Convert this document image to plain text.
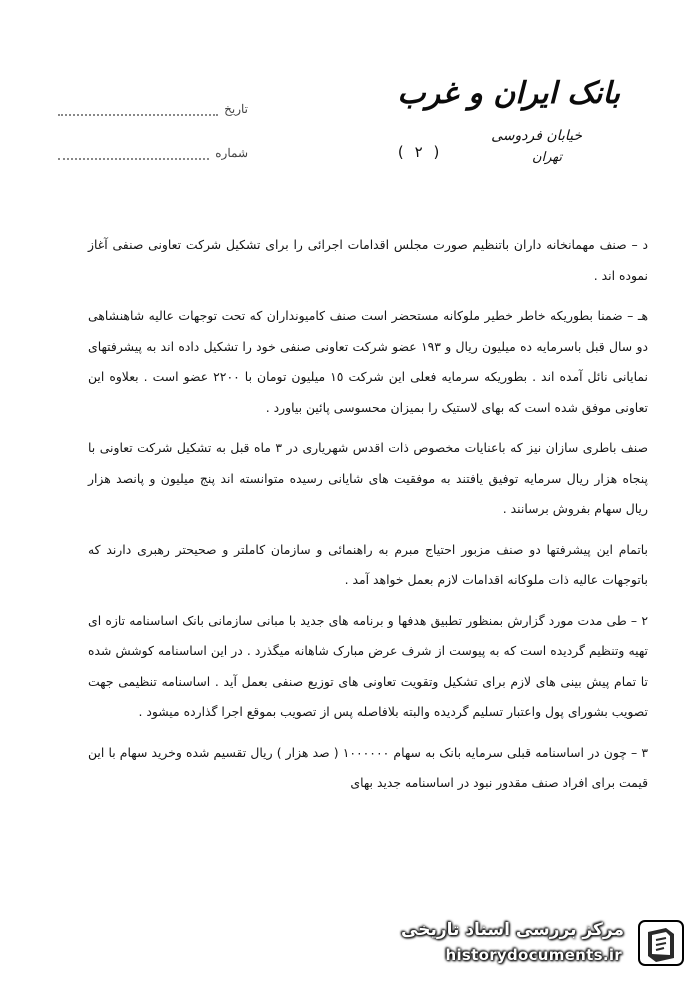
بانک ایران و غرب
خیابان فردوسی
تهران
تاریخ
شماره	( ٢ )

د – صنف مهمانخانه داران باتنظیم صورت مجلس اقدامات اجرائی را برای تشکیل شرکت تعاونی صنفی آغاز نموده اند .

هـ – ضمنا بطوریکه خاطر خطیر ملوکانه مستحضر است صنف کامیونداران که تحت توجهات عالیه شاهنشاهی دو سال قبل باسرمایه ده میلیون ریال و ١٩٣ عضو شرکت تعاونی صنفی خود را تشکیل داده اند به پیشرفتهای نمایانی نائل آمده اند . بطوریکه سرمایه فعلی این شرکت ١٥ میلیون تومان با ٢٢٠٠ عضو است . بعلاوه این تعاونی موفق شده است که بهای لاستیک را بمیزان محسوسی پائین بیاورد .

صنف باطری سازان نیز که باعنایات مخصوص ذات اقدس شهریاری در ٣ ماه قبل به تشکیل شرکت تعاونی با پنجاه هزار ریال سرمایه توفیق یافتند به موفقیت های شایانی رسیده متوانسته اند پنج میلیون و پانصد هزار ریال سهام بفروش برسانند .

باتمام این پیشرفتها دو صنف مزبور احتیاج مبرم به راهنمائی و سازمان کاملتر و صحیحتر رهبری دارند که باتوجهات عالیه ذات ملوکانه اقدامات لازم بعمل خواهد آمد .

٢ – طی مدت مورد گزارش بمنظور تطبیق هدفها و برنامه های جدید با مبانی سازمانی بانک اساسنامه تازه ای تهیه وتنظیم گردیده است که به پیوست از شرف عرض مبارک شاهانه میگذرد . در این اساسنامه کوشش شده تا تمام پیش بینی های لازم برای تشکیل وتقویت تعاونی های توزیع صنفی بعمل آید . اساسنامه تنظیمی جهت تصویب بشورای پول واعتبار تسلیم گردیده والبته بلافاصله پس از تصویب بموقع اجرا گذارده میشود .

٣ – چون در اساسنامه قبلی سرمایه بانک به سهام ١٠٠٠٠٠٠ ( صد هزار ) ریال تقسیم شده وخرید سهام با این قیمت برای افراد صنف مقدور نبود در اساسنامه جدید بهای

مرکز بررسی اسناد تاریخی
historydocuments.ir
